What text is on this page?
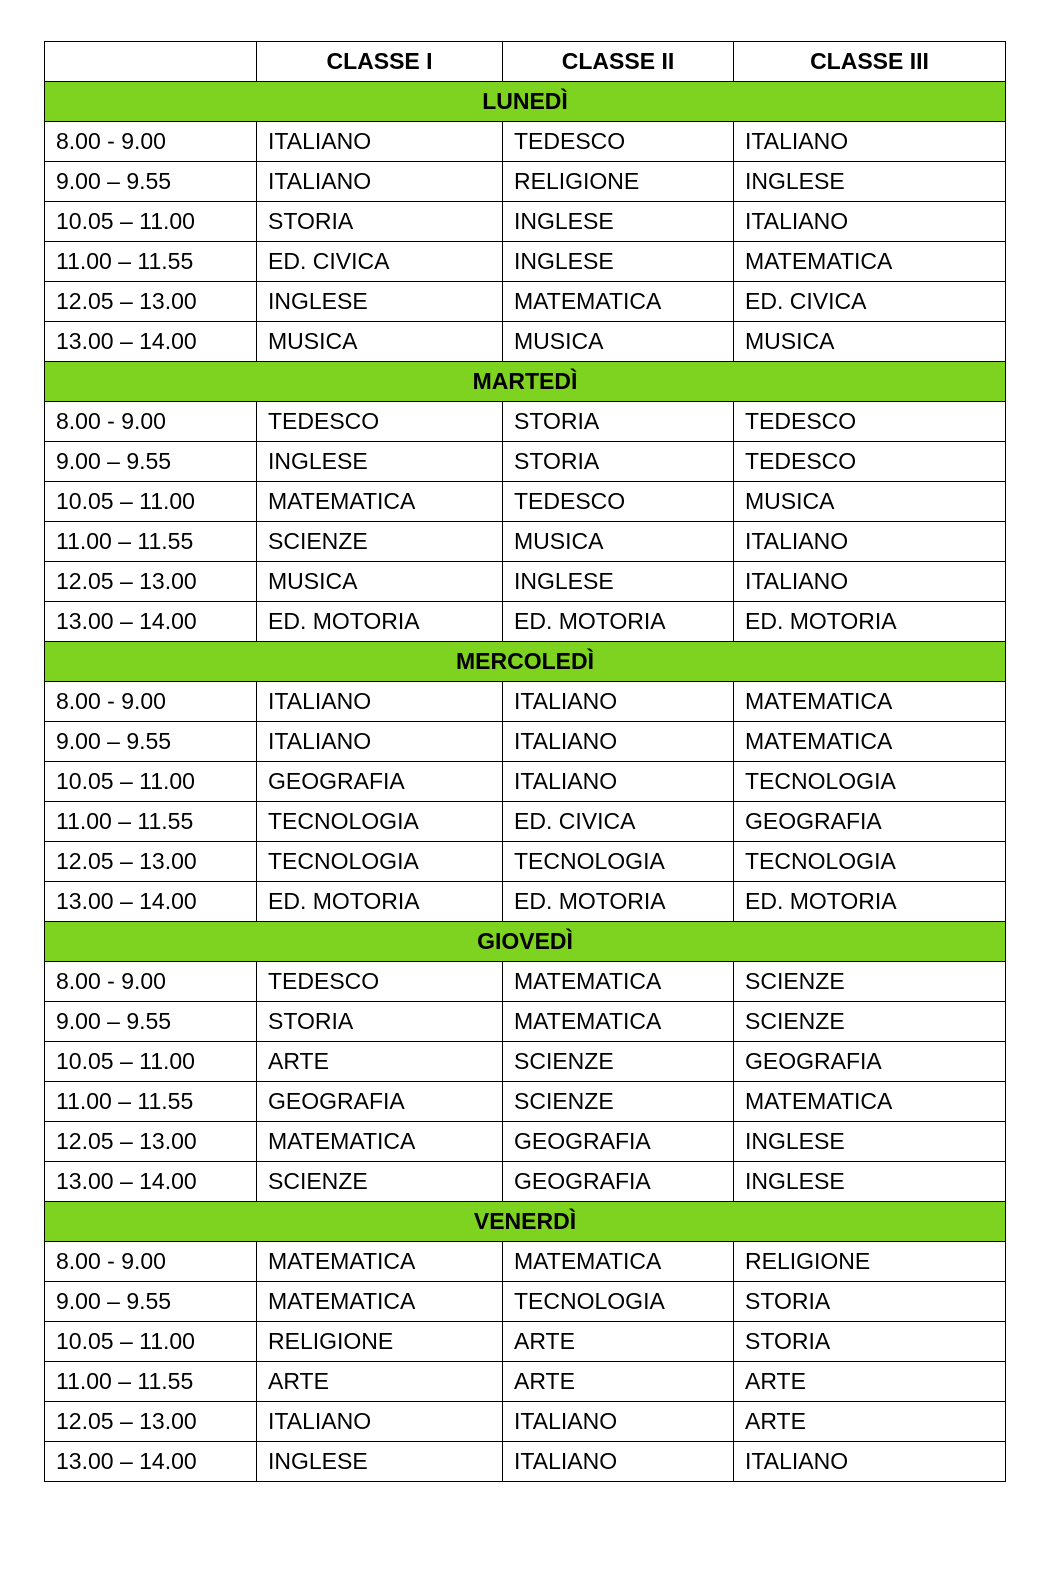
	CLASSE I	CLASSE II	CLASSE III
LUNEDÌ			
8.00 - 9.00	ITALIANO	TEDESCO	ITALIANO
9.00 – 9.55	ITALIANO	RELIGIONE	INGLESE
10.05 – 11.00	STORIA	INGLESE	ITALIANO
11.00 – 11.55	ED. CIVICA	INGLESE	MATEMATICA
12.05 – 13.00	INGLESE	MATEMATICA	ED. CIVICA
13.00 – 14.00	MUSICA	MUSICA	MUSICA
MARTEDÌ			
8.00 - 9.00	TEDESCO	STORIA	TEDESCO
9.00 – 9.55	INGLESE	STORIA	TEDESCO
10.05 – 11.00	MATEMATICA	TEDESCO	MUSICA
11.00 – 11.55	SCIENZE	MUSICA	ITALIANO
12.05 – 13.00	MUSICA	INGLESE	ITALIANO
13.00 – 14.00	ED. MOTORIA	ED. MOTORIA	ED. MOTORIA
MERCOLEDÌ			
8.00 - 9.00	ITALIANO	ITALIANO	MATEMATICA
9.00 – 9.55	ITALIANO	ITALIANO	MATEMATICA
10.05 – 11.00	GEOGRAFIA	ITALIANO	TECNOLOGIA
11.00 – 11.55	TECNOLOGIA	ED. CIVICA	GEOGRAFIA
12.05 – 13.00	TECNOLOGIA	TECNOLOGIA	TECNOLOGIA
13.00 – 14.00	ED. MOTORIA	ED. MOTORIA	ED. MOTORIA
GIOVEDÌ			
8.00 - 9.00	TEDESCO	MATEMATICA	SCIENZE
9.00 – 9.55	STORIA	MATEMATICA	SCIENZE
10.05 – 11.00	ARTE	SCIENZE	GEOGRAFIA
11.00 – 11.55	GEOGRAFIA	SCIENZE	MATEMATICA
12.05 – 13.00	MATEMATICA	GEOGRAFIA	INGLESE
13.00 – 14.00	SCIENZE	GEOGRAFIA	INGLESE
VENERDÌ			
8.00 - 9.00	MATEMATICA	MATEMATICA	RELIGIONE
9.00 – 9.55	MATEMATICA	TECNOLOGIA	STORIA
10.05 – 11.00	RELIGIONE	ARTE	STORIA
11.00 – 11.55	ARTE	ARTE	ARTE
12.05 – 13.00	ITALIANO	ITALIANO	ARTE
13.00 – 14.00	INGLESE	ITALIANO	ITALIANO
